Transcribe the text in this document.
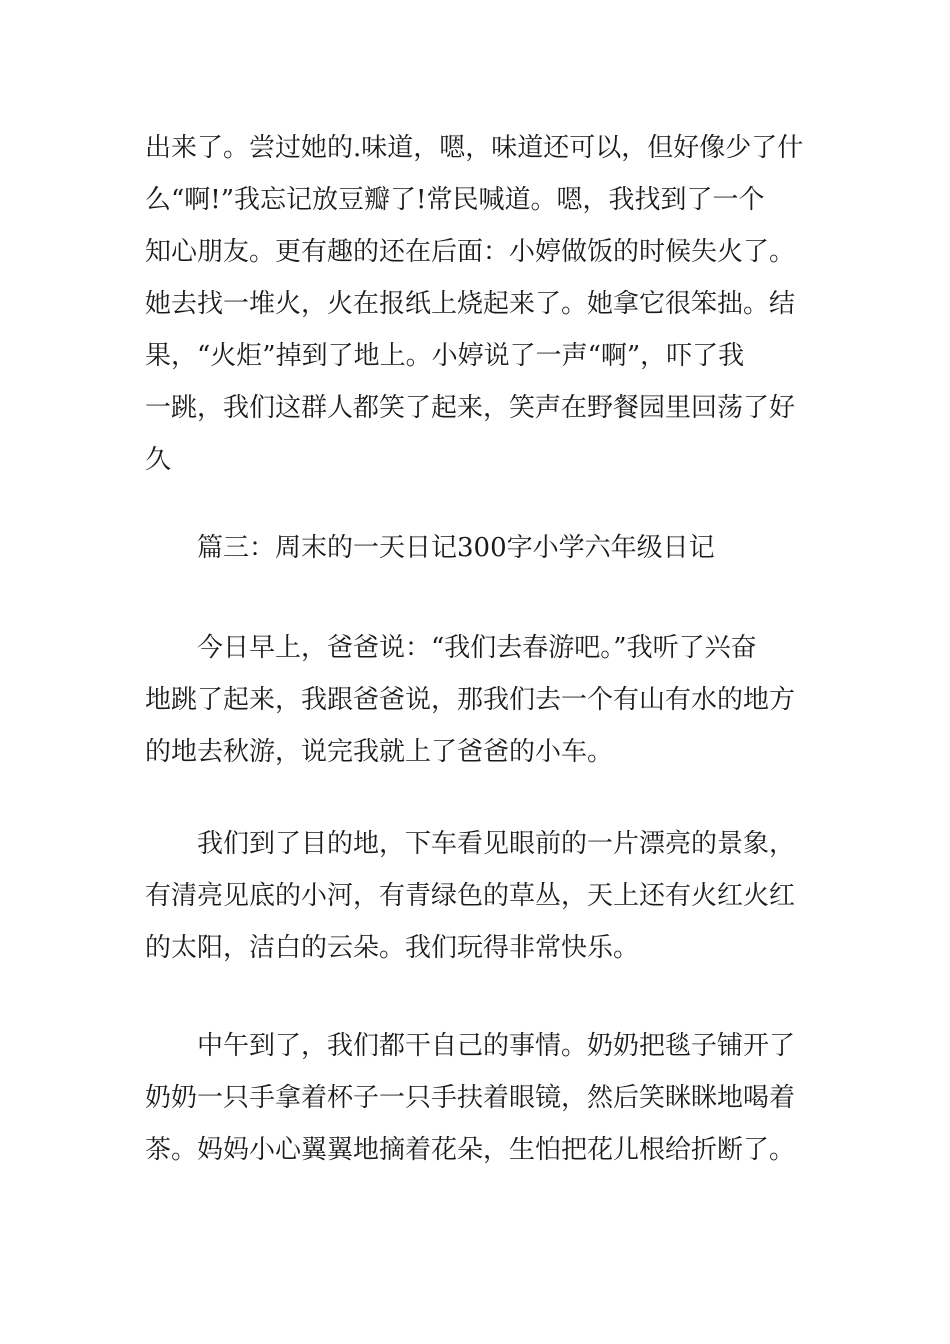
出来了。尝过她的.味道，嗯，味道还可以，但好像少了什
么“啊!”我忘记放豆瓣了!常民喊道。嗯，我找到了一个
知心朋友。更有趣的还在后面：小婷做饭的时候失火了。
她去找一堆火，火在报纸上烧起来了。她拿它很笨拙。结
果，“火炬”掉到了地上。小婷说了一声“啊”，吓了我
一跳，我们这群人都笑了起来，笑声在野餐园里回荡了好
久
篇三：周末的一天日记300字小学六年级日记
今日早上，爸爸说：“我们去春游吧。”我听了兴奋
地跳了起来，我跟爸爸说，那我们去一个有山有水的地方
的地去秋游，说完我就上了爸爸的小车。
我们到了目的地，下车看见眼前的一片漂亮的景象，
有清亮见底的小河，有青绿色的草丛，天上还有火红火红
的太阳，洁白的云朵。我们玩得非常快乐。
中午到了，我们都干自己的事情。奶奶把毯子铺开了
奶奶一只手拿着杯子一只手扶着眼镜，然后笑眯眯地喝着
茶。妈妈小心翼翼地摘着花朵，生怕把花儿根给折断了。
